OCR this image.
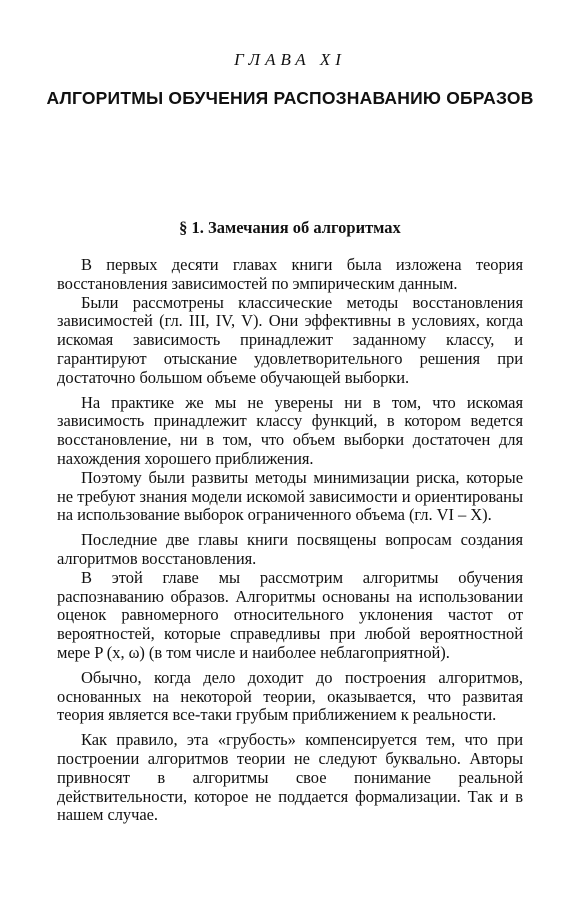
ГЛАВА XI
АЛГОРИТМЫ ОБУЧЕНИЯ РАСПОЗНАВАНИЮ ОБРАЗОВ
§ 1. Замечания об алгоритмах

В первых десяти главах книги была изложена теория восстановления зависимостей по эмпирическим данным.

Были рассмотрены классические методы восстановления зависимостей (гл. III, IV, V). Они эффективны в условиях, когда искомая зависимость принадлежит заданному классу, и гарантируют отыскание удовлетворительного решения при достаточно большом объеме обучающей выборки.

На практике же мы не уверены ни в том, что искомая зависимость принадлежит классу функций, в котором ведется восстановление, ни в том, что объем выборки достаточен для нахождения хорошего приближения.

Поэтому были развиты методы минимизации риска, которые не требуют знания модели искомой зависимости и ориентированы на использование выборок ограниченного объема (гл. VI – X).

Последние две главы книги посвящены вопросам создания алгоритмов восстановления.

В этой главе мы рассмотрим алгоритмы обучения распознаванию образов. Алгоритмы основаны на использовании оценок равномерного относительного уклонения частот от вероятностей, которые справедливы при любой вероятностной мере P (x, ω) (в том числе и наиболее неблагоприятной).

Обычно, когда дело доходит до построения алгоритмов, основанных на некоторой теории, оказывается, что развитая теория является все-таки грубым приближением к реальности.

Как правило, эта «грубость» компенсируется тем, что при построении алгоритмов теории не следуют буквально. Авторы привносят в алгоритмы свое понимание реальной действительности, которое не поддается формализации. Так и в нашем случае.
